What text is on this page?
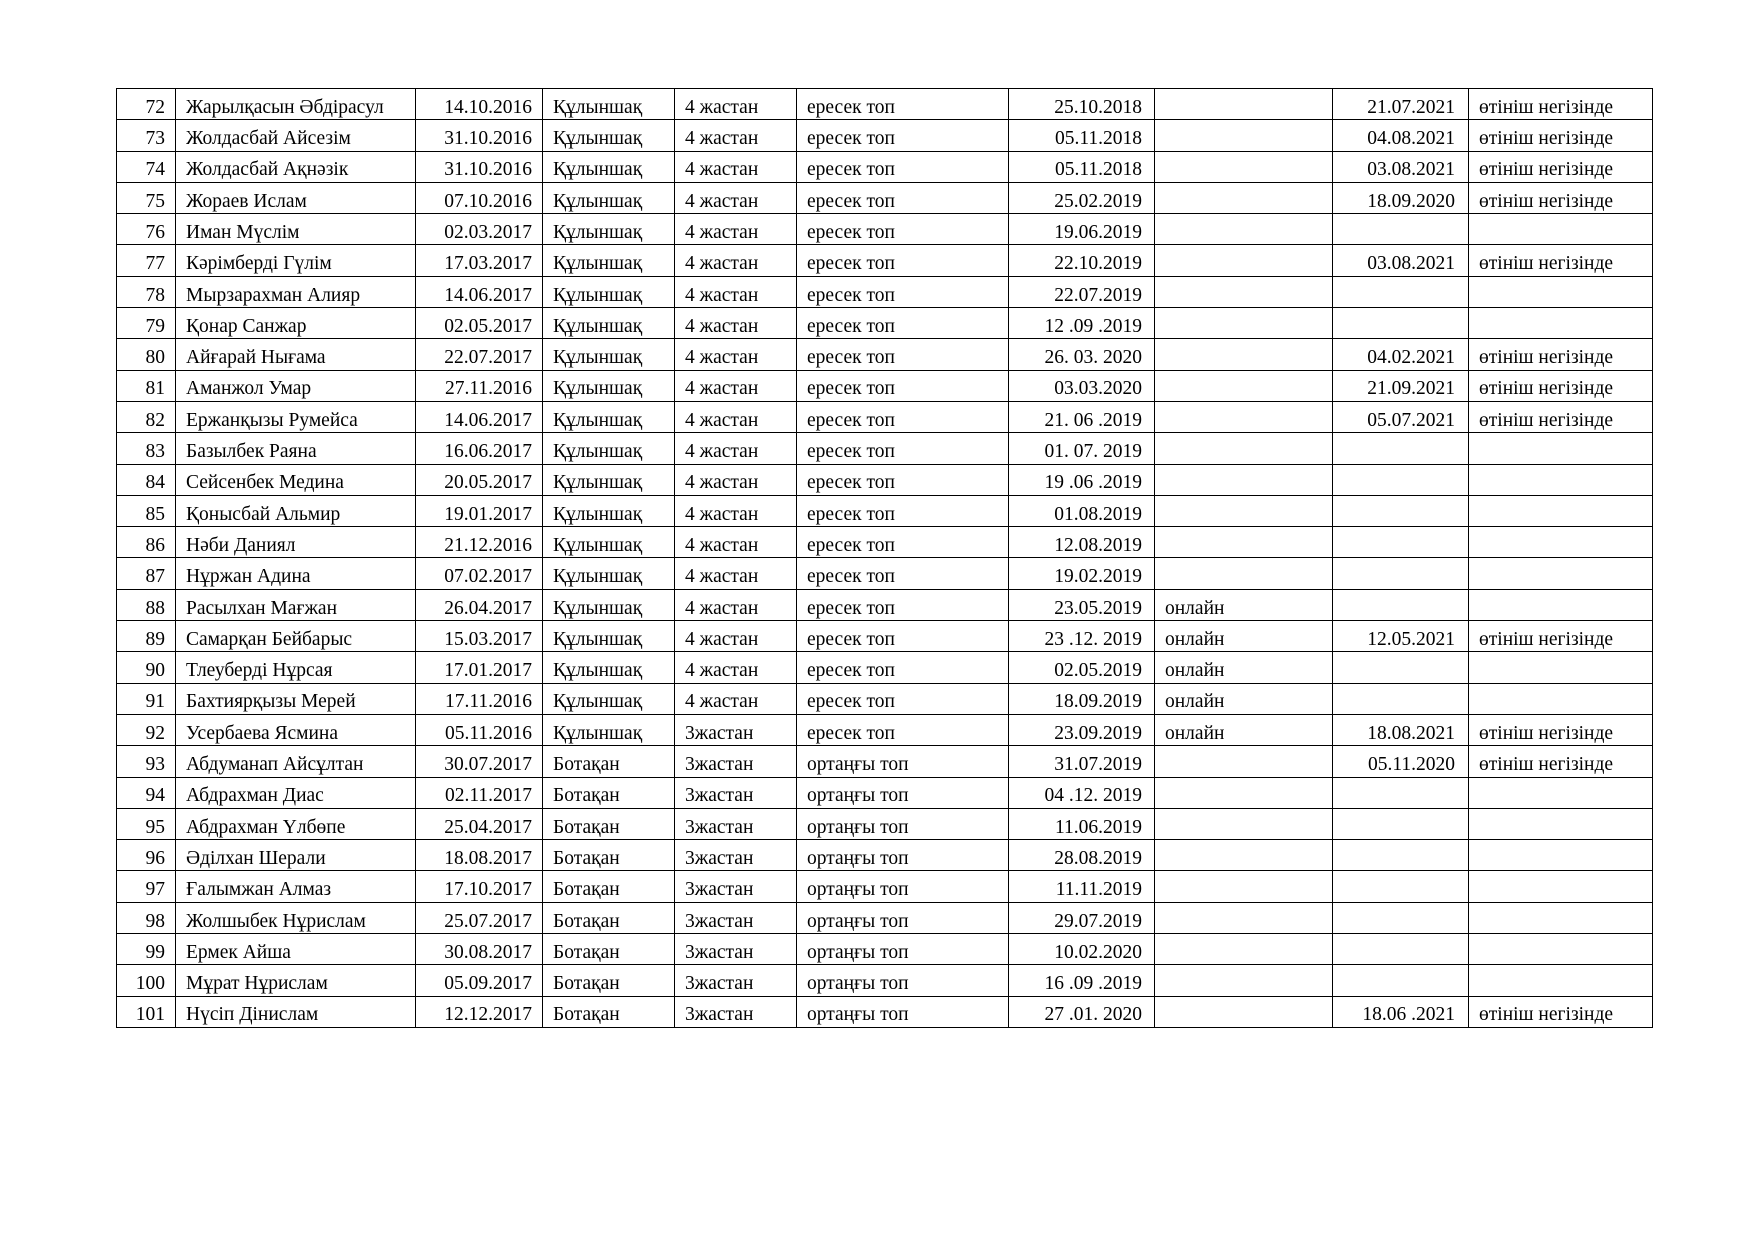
72	Жарылқасын Әбдірасул	14.10.2016	Құлыншақ	4 жастан	ересек топ	25.10.2018		21.07.2021	өтініш негізінде
73	Жолдасбай Айсезім	31.10.2016	Құлыншақ	4 жастан	ересек топ	05.11.2018		04.08.2021	өтініш негізінде
74	Жолдасбай Ақнәзік	31.10.2016	Құлыншақ	4 жастан	ересек топ	05.11.2018		03.08.2021	өтініш негізінде
75	Жораев Ислам	07.10.2016	Құлыншақ	4 жастан	ересек топ	25.02.2019		18.09.2020	өтініш негізінде
76	Иман Мүслім	02.03.2017	Құлыншақ	4 жастан	ересек топ	19.06.2019			
77	Кәрімберді Гүлім	17.03.2017	Құлыншақ	4 жастан	ересек топ	22.10.2019		03.08.2021	өтініш негізінде
78	Мырзарахман Алияр	14.06.2017	Құлыншақ	4 жастан	ересек топ	22.07.2019			
79	Қонар Санжар	02.05.2017	Құлыншақ	4 жастан	ересек топ	12 .09 .2019			
80	Айғарай Нығама	22.07.2017	Құлыншақ	4 жастан	ересек топ	26. 03. 2020		04.02.2021	өтініш негізінде
81	Аманжол Умар	27.11.2016	Құлыншақ	4 жастан	ересек топ	03.03.2020		21.09.2021	өтініш негізінде
82	Ержанқызы Румейса	14.06.2017	Құлыншақ	4 жастан	ересек топ	21. 06 .2019		05.07.2021	өтініш негізінде
83	Базылбек Раяна	16.06.2017	Құлыншақ	4 жастан	ересек топ	01. 07. 2019			
84	Сейсенбек Медина	20.05.2017	Құлыншақ	4 жастан	ересек топ	19 .06 .2019			
85	Қонысбай Альмир	19.01.2017	Құлыншақ	4 жастан	ересек топ	01.08.2019			
86	Нәби Даниял	21.12.2016	Құлыншақ	4 жастан	ересек топ	12.08.2019			
87	Нұржан Адина	07.02.2017	Құлыншақ	4 жастан	ересек топ	19.02.2019			
88	Расылхан Мағжан	26.04.2017	Құлыншақ	4 жастан	ересек топ	23.05.2019	онлайн		
89	Самарқан Бейбарыс	15.03.2017	Құлыншақ	4 жастан	ересек топ	23 .12. 2019	онлайн	12.05.2021	өтініш негізінде
90	Тлеуберді Нұрсая	17.01.2017	Құлыншақ	4 жастан	ересек топ	02.05.2019	онлайн		
91	Бахтиярқызы Мерей	17.11.2016	Құлыншақ	4 жастан	ересек топ	18.09.2019	онлайн		
92	Усербаева Ясмина	05.11.2016	Құлыншақ	3жастан	ересек топ	23.09.2019	онлайн	18.08.2021	өтініш негізінде
93	Абдуманап Айсұлтан	30.07.2017	Ботақан	3жастан	ортаңғы топ	31.07.2019		05.11.2020	өтініш негізінде
94	Абдрахман Диас	02.11.2017	Ботақан	3жастан	ортаңғы топ	04 .12. 2019			
95	Абдрахман Үлбөпе	25.04.2017	Ботақан	3жастан	ортаңғы топ	11.06.2019			
96	Әділхан Шерали	18.08.2017	Ботақан	3жастан	ортаңғы топ	28.08.2019			
97	Ғалымжан Алмаз	17.10.2017	Ботақан	3жастан	ортаңғы топ	11.11.2019			
98	Жолшыбек Нұрислам	25.07.2017	Ботақан	3жастан	ортаңғы топ	29.07.2019			
99	Ермек Айша	30.08.2017	Ботақан	3жастан	ортаңғы топ	10.02.2020			
100	Мұрат Нұрислам	05.09.2017	Ботақан	3жастан	ортаңғы топ	16 .09 .2019			
101	Нүсіп Дінислам	12.12.2017	Ботақан	3жастан	ортаңғы топ	27 .01. 2020		18.06 .2021	өтініш негізінде
